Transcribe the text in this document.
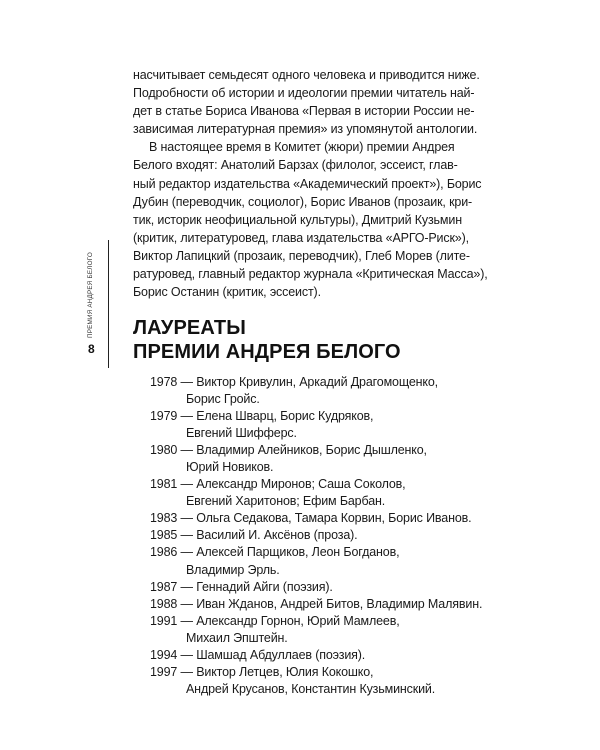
насчитывает семьдесят одного человека и приводится ниже.
Подробности об истории и идеологии премии читатель най-
дет в статье Бориса Иванова «Первая в истории России не-
зависимая литературная премия» из упомянутой антологии.
В настоящее время в Комитет (жюри) премии Андрея
Белого входят: Анатолий Барзах (филолог, эссеист, глав-
ный редактор издательства «Академический проект»), Борис
Дубин (переводчик, социолог), Борис Иванов (прозаик, кри-
тик, историк неофициальной культуры), Дмитрий Кузьмин
(критик, литературовед, глава издательства «АРГО-Риск»),
Виктор Лапицкий (прозаик, переводчик), Глеб Морев (лите-
ратуровед, главный редактор журнала «Критическая Масса»),
Борис Останин (критик, эссеист).
ПРЕМИЯ АНДРЕЯ БЕЛОГО
8
ЛАУРЕАТЫ
ПРЕМИИ АНДРЕЯ БЕЛОГО
1978 — Виктор Кривулин, Аркадий Драгомощенко,
Борис Гройс.
1979 — Елена Шварц, Борис Кудряков,
Евгений Шифферс.
1980 — Владимир Алейников, Борис Дышленко,
Юрий Новиков.
1981 — Александр Миронов; Саша Соколов,
Евгений Харитонов; Ефим Барбан.
1983 — Ольга Седакова, Тамара Корвин, Борис Иванов.
1985 — Василий И. Аксёнов (проза).
1986 — Алексей Парщиков, Леон Богданов,
Владимир Эрль.
1987 — Геннадий Айги (поэзия).
1988 — Иван Жданов, Андрей Битов, Владимир Малявин.
1991 — Александр Горнон, Юрий Мамлеев,
Михаил Эпштейн.
1994 — Шамшад Абдуллаев (поэзия).
1997 — Виктор Летцев, Юлия Кокошко,
Андрей Крусанов, Константин Кузьминский.
